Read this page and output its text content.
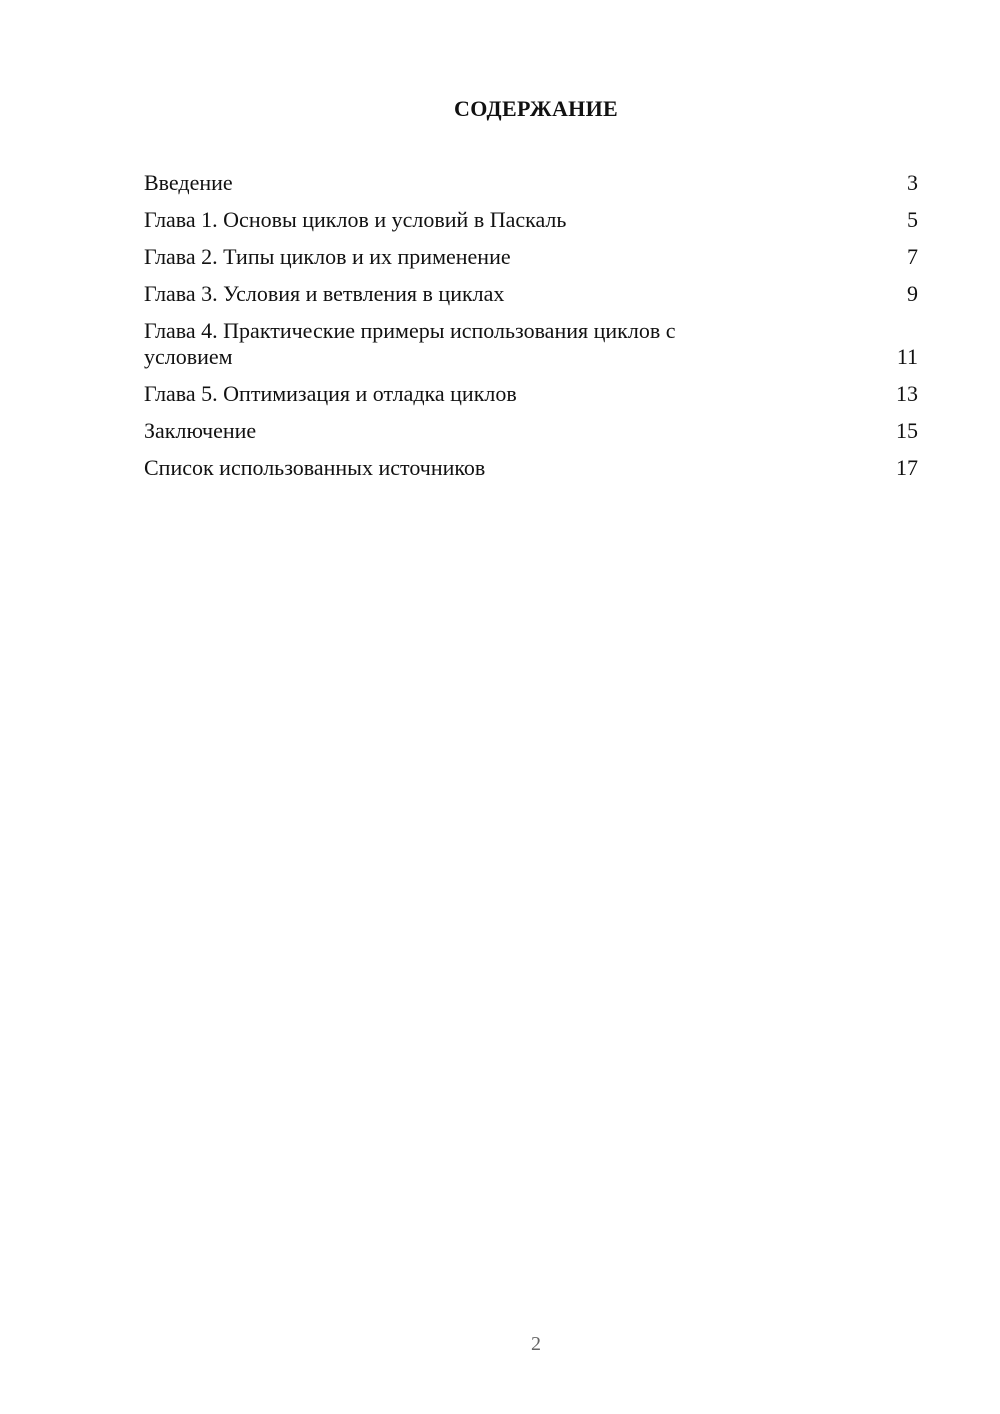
СОДЕРЖАНИЕ
Введение	3
Глава 1. Основы циклов и условий в Паскаль	5
Глава 2. Типы циклов и их применение	7
Глава 3. Условия и ветвления в циклах	9
Глава 4. Практические примеры использования циклов с условием	11
Глава 5. Оптимизация и отладка циклов	13
Заключение	15
Список использованных источников	17
2
